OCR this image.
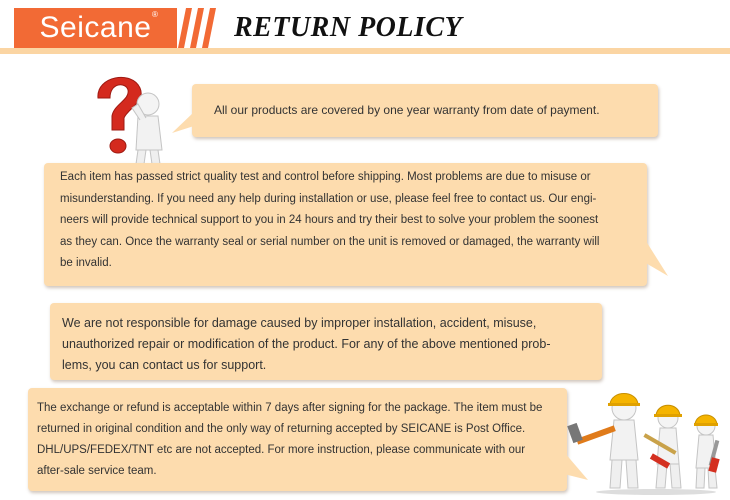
Seicane ®	RETURN POLICY
All our products are covered by one year warranty from date of payment.
Each item has passed strict quality test and control before shipping. Most problems are due to misuse or
misunderstanding. If you need any help during installation or use, please feel free to contact us. Our engi-
neers will provide technical support to you in 24 hours and try their best to solve your problem the soonest
as they can. Once the warranty seal or serial number on the unit is removed or damaged, the warranty will
be invalid.
We are not responsible for damage caused by improper installation, accident, misuse,
unauthorized repair or modification of the product. For any of the above mentioned prob-
lems, you can contact us for support.
The exchange or refund is acceptable within 7 days after signing for the package. The item must be
returned in original condition and the only way of returning accepted by SEICANE is Post Office.
DHL/UPS/FEDEX/TNT etc are not accepted. For more instruction, please communicate with our
after-sale service team.
